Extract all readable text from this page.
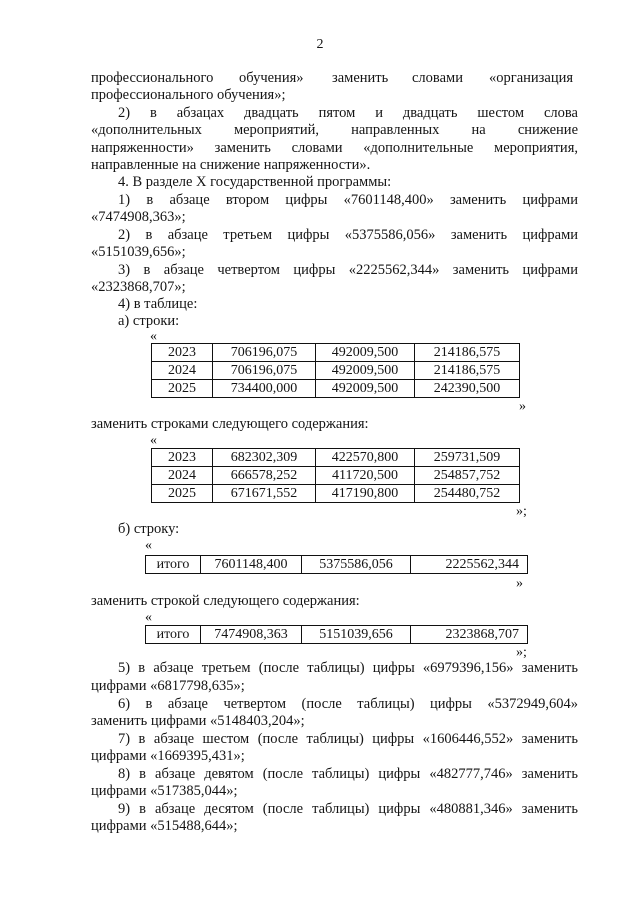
2
профессионального обучения» заменить словами «организация
профессионального обучения»;
2) в абзацах двадцать пятом и двадцать шестом слова
«дополнительных мероприятий, направленных на снижение
напряженности» заменить словами «дополнительные мероприятия,
направленные на снижение напряженности».
4. В разделе X государственной программы:
1) в абзаце втором цифры «7601148,400» заменить цифрами
«7474908,363»;
2) в абзаце третьем цифры «5375586,056» заменить цифрами
«5151039,656»;
3) в абзаце четвертом цифры «2225562,344» заменить цифрами
«2323868,707»;
4) в таблице:
а) строки:
«
2023	706196,075	492009,500	214186,575
2024	706196,075	492009,500	214186,575
2025	734400,000	492009,500	242390,500
»
заменить строками следующего содержания:
«
2023	682302,309	422570,800	259731,509
2024	666578,252	411720,500	254857,752
2025	671671,552	417190,800	254480,752
»;
б) строку:
«
итого	7601148,400	5375586,056	2225562,344
»
заменить строкой следующего содержания:
«
итого	7474908,363	5151039,656	2323868,707
»;
5) в абзаце третьем (после таблицы) цифры «6979396,156» заменить
цифрами «6817798,635»;
6) в абзаце четвертом (после таблицы) цифры «5372949,604»
заменить цифрами «5148403,204»;
7) в абзаце шестом (после таблицы) цифры «1606446,552» заменить
цифрами «1669395,431»;
8) в абзаце девятом (после таблицы) цифры «482777,746» заменить
цифрами «517385,044»;
9) в абзаце десятом (после таблицы) цифры «480881,346» заменить
цифрами «515488,644»;
